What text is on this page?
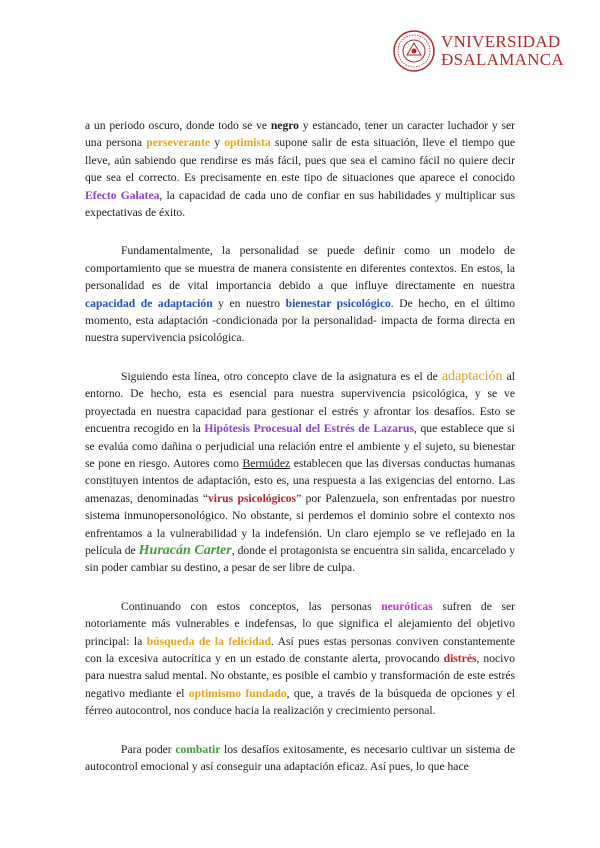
VNIVERSIDAD
ÐSALAMANCA

a un periodo oscuro, donde todo se ve negro y estancado, tener un caracter luchador y ser una persona perseverante y optimista supone salir de esta situación, lleve el tiempo que lleve, aún sabiendo que rendirse es más fácil, pues que sea el camino fácil no quiere decir que sea el correcto. Es precisamente en este tipo de situaciones que aparece el conocido Efecto Galatea, la capacidad de cada uno de confiar en sus habilidades y multiplicar sus expectativas de éxito.

Fundamentalmente, la personalidad se puede definir como un modelo de comportamiento que se muestra de manera consistente en diferentes contextos. En estos, la personalidad es de vital importancia debido a que influye directamente en nuestra capacidad de adaptación y en nuestro bienestar psicológico. De hecho, en el último momento, esta adaptación -condicionada por la personalidad- impacta de forma directa en nuestra supervivencia psicológica.

Siguiendo esta línea, otro concepto clave de la asignatura es el de adaptación al entorno. De hecho, esta es esencial para nuestra supervivencia psicológica, y se ve proyectada en nuestra capacidad para gestionar el estrés y afrontar los desafíos. Esto se encuentra recogido en la Hipótesis Procesual del Estrés de Lazarus, que establece que si se evalúa como dañina o perjudicial una relación entre el ambiente y el sujeto, su bienestar se pone en riesgo. Autores como Bermúdez establecen que las diversas conductas humanas constituyen intentos de adaptación, esto es, una respuesta a las exigencias del entorno. Las amenazas, denominadas “virus psicológicos” por Palenzuela, son enfrentadas por nuestro sistema inmunopersonológico. No obstante, si perdemos el dominio sobre el contexto nos enfrentamos a la vulnerabilidad y la indefensión. Un claro ejemplo se ve reflejado en la película de Huracán Carter, donde el protagonista se encuentra sin salida, encarcelado y sin poder cambiar su destino, a pesar de ser libre de culpa.

Continuando con estos conceptos, las personas neuróticas sufren de ser notoriamente más vulnerables e indefensas, lo que significa el alejamiento del objetivo principal: la búsqueda de la felicidad. Así pues estas personas conviven constantemente con la excesiva autocrítica y en un estado de constante alerta, provocando distrés, nocivo para nuestra salud mental. No obstante, es posible el cambio y transformación de este estrés negativo mediante el optimismo fundado, que, a través de la búsqueda de opciones y el férreo autocontrol, nos conduce hacia la realización y crecimiento personal.

Para poder combatir los desafíos exitosamente, es necesario cultivar un sistema de autocontrol emocional y así conseguir una adaptación eficaz. Así pues, lo que hace
